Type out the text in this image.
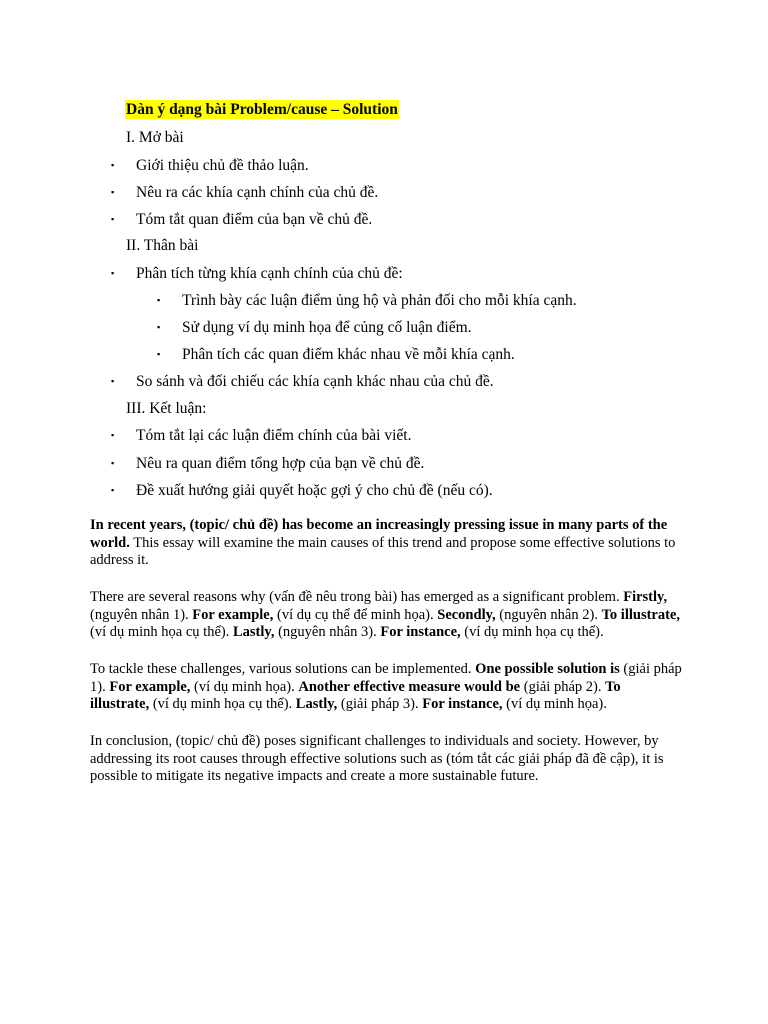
Dàn ý dạng bài Problem/cause – Solution
I. Mở bài
▪ Giới thiệu chủ đề thảo luận.
▪ Nêu ra các khía cạnh chính của chủ đề.
▪ Tóm tắt quan điểm của bạn về chủ đề.
II. Thân bài
▪ Phân tích từng khía cạnh chính của chủ đề:
▪ Trình bày các luận điểm ủng hộ và phản đối cho mỗi khía cạnh.
▪ Sử dụng ví dụ minh họa để củng cố luận điểm.
▪ Phân tích các quan điểm khác nhau về mỗi khía cạnh.
▪ So sánh và đối chiếu các khía cạnh khác nhau của chủ đề.
III. Kết luận:
▪ Tóm tắt lại các luận điểm chính của bài viết.
▪ Nêu ra quan điểm tổng hợp của bạn về chủ đề.
▪ Đề xuất hướng giải quyết hoặc gợi ý cho chủ đề (nếu có).

In recent years, (topic/ chủ đề) has become an increasingly pressing issue in many parts of the world. This essay will examine the main causes of this trend and propose some effective solutions to address it.

There are several reasons why (vấn đề nêu trong bài) has emerged as a significant problem. Firstly, (nguyên nhân 1). For example, (ví dụ cụ thể để minh họa). Secondly, (nguyên nhân 2). To illustrate, (ví dụ minh họa cụ thể). Lastly, (nguyên nhân 3). For instance, (ví dụ minh họa cụ thể).

To tackle these challenges, various solutions can be implemented. One possible solution is (giải pháp 1). For example, (ví dụ minh họa). Another effective measure would be (giải pháp 2). To illustrate, (ví dụ minh họa cụ thể). Lastly, (giải pháp 3). For instance, (ví dụ minh họa).

In conclusion, (topic/ chủ đề) poses significant challenges to individuals and society. However, by addressing its root causes through effective solutions such as (tóm tắt các giải pháp đã đề cập), it is possible to mitigate its negative impacts and create a more sustainable future.
